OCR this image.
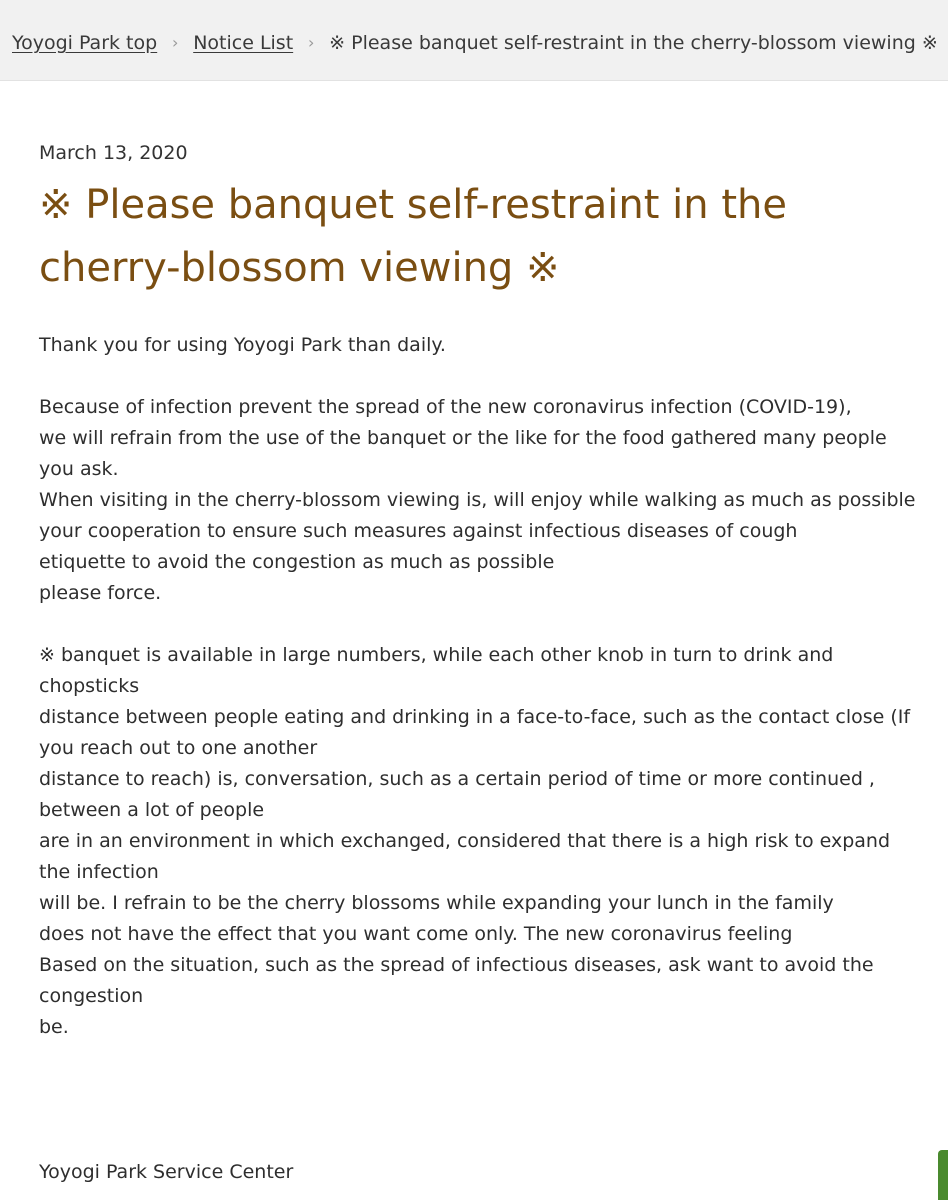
Yoyogi Park top › Notice List › ※ Please banquet self-restraint in the cherry-blossom viewing ※

March 13, 2020

※ Please banquet self-restraint in the cherry-blossom viewing ※

Thank you for using Yoyogi Park than daily.

Because of infection prevent the spread of the new coronavirus infection (COVID-19),
we will refrain from the use of the banquet or the like for the food gathered many people
you ask.
When visiting in the cherry-blossom viewing is, will enjoy while walking as much as possible
your cooperation to ensure such measures against infectious diseases of cough
etiquette to avoid the congestion as much as possible
please force.

※ banquet is available in large numbers, while each other knob in turn to drink and chopsticks
distance between people eating and drinking in a face-to-face, such as the contact close (If you reach out to one another
distance to reach) is, conversation, such as a certain period of time or more continued , between a lot of people
are in an environment in which exchanged, considered that there is a high risk to expand the infection
will be. I refrain to be the cherry blossoms while expanding your lunch in the family
does not have the effect that you want come only. The new coronavirus feeling
Based on the situation, such as the spread of infectious diseases, ask want to avoid the congestion
be.

Yoyogi Park Service Center
